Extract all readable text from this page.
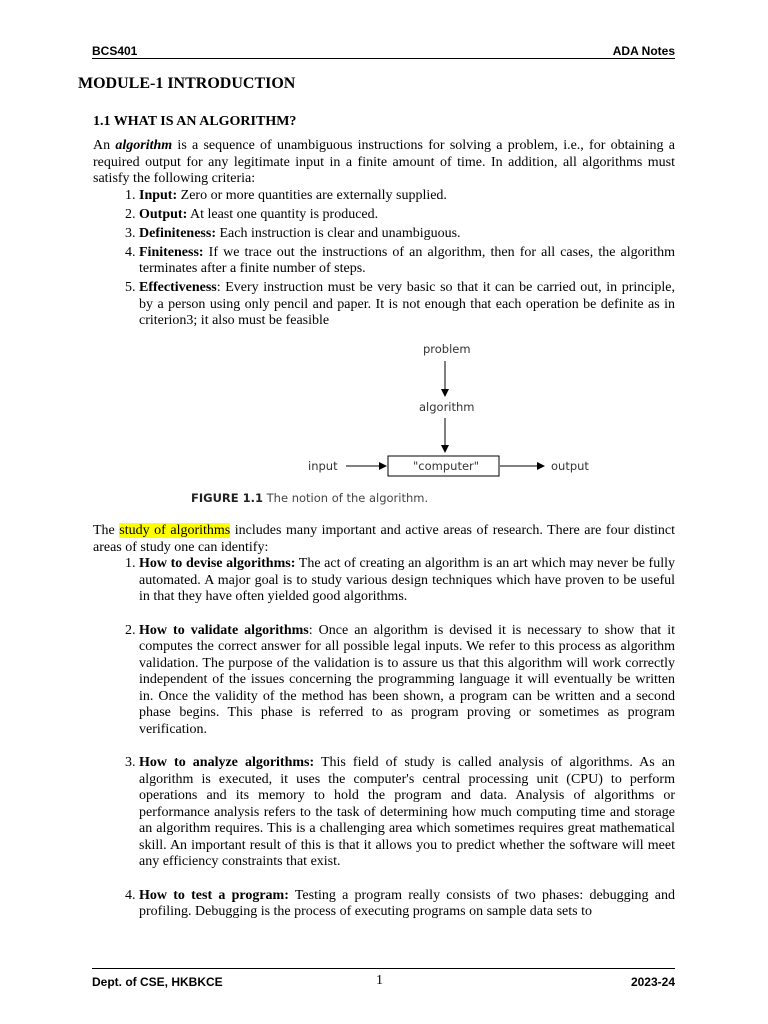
BCS401	ADA Notes
MODULE-1 INTRODUCTION
1.1 WHAT IS AN ALGORITHM?

An algorithm is a sequence of unambiguous instructions for solving a problem, i.e., for obtaining a required output for any legitimate input in a finite amount of time. In addition, all algorithms must satisfy the following criteria:

1. Input: Zero or more quantities are externally supplied.
2. Output: At least one quantity is produced.
3. Definiteness: Each instruction is clear and unambiguous.
4. Finiteness: If we trace out the instructions of an algorithm, then for all cases, the algorithm terminates after a finite number of steps.
5. Effectiveness: Every instruction must be very basic so that it can be carried out, in principle, by a person using only pencil and paper. It is not enough that each operation be definite as in criterion3; it also must be feasible
problem
algorithm
input	"computer"	output
FIGURE 1.1 The notion of the algorithm.

The study of algorithms includes many important and active areas of research. There are four distinct areas of study one can identify:

1. How to devise algorithms: The act of creating an algorithm is an art which may never be fully automated. A major goal is to study various design techniques which have proven to be useful in that they have often yielded good algorithms.
2. How to validate algorithms: Once an algorithm is devised it is necessary to show that it computes the correct answer for all possible legal inputs. We refer to this process as algorithm validation. The purpose of the validation is to assure us that this algorithm will work correctly independent of the issues concerning the programming language it will eventually be written in. Once the validity of the method has been shown, a program can be written and a second phase begins. This phase is referred to as program proving or sometimes as program verification.
3. How to analyze algorithms: This field of study is called analysis of algorithms. As an algorithm is executed, it uses the computer's central processing unit (CPU) to perform operations and its memory to hold the program and data. Analysis of algorithms or performance analysis refers to the task of determining how much computing time and storage an algorithm requires. This is a challenging area which sometimes requires great mathematical skill. An important result of this is that it allows you to predict whether the software will meet any efficiency constraints that exist.
4. How to test a program: Testing a program really consists of two phases: debugging and profiling. Debugging is the process of executing programs on sample data sets to
Dept. of CSE, HKBKCE	1	2023-24
